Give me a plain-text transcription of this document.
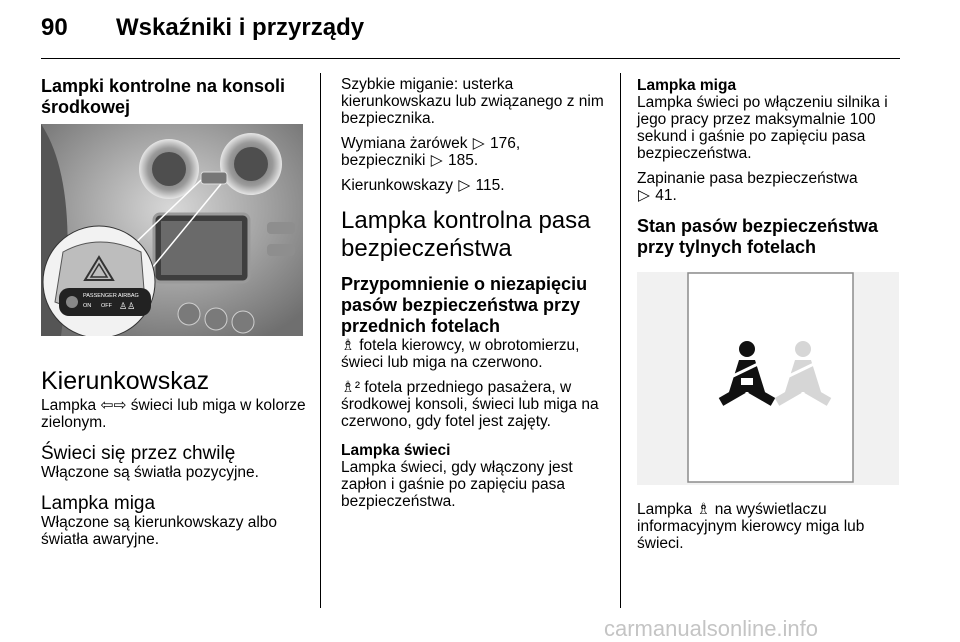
90 Wskaźniki i przyrządy
Lampki kontrolne na konsoli środkowej
PASSENGER AIRBAG
ON OFF ♙♙
Kierunkowskaz

Lampka ⇦⇨ świeci lub miga w kolorze zielonym.

Świeci się przez chwilę

Włączone są światła pozycyjne.

Lampka miga

Włączone są kierunkowskazy albo światła awaryjne.

Szybkie miganie: usterka kierunkowskazu lub związanego z nim bezpiecznika.

Wymiana żarówek ▷ 176,
bezpieczniki ▷ 185.

Kierunkowskazy ▷ 115.

Lampka kontrolna pasa bezpieczeństwa
Przypomnienie o niezapięciu pasów bezpieczeństwa przy przednich fotelach

♗ fotela kierowcy, w obrotomierzu, świeci lub miga na czerwono.

♗² fotela przedniego pasażera, w środkowej konsoli, świeci lub miga na czerwono, gdy fotel jest zajęty.

Lampka świeci

Lampka świeci, gdy włączony jest zapłon i gaśnie po zapięciu pasa bezpieczeństwa.

Lampka miga

Lampka świeci po włączeniu silnika i jego pracy przez maksymalnie 100 sekund i gaśnie po zapięciu pasa bezpieczeństwa.

Zapinanie pasa bezpieczeństwa
▷ 41.

Stan pasów bezpieczeństwa przy tylnych fotelach

Lampka ♗ na wyświetlaczu informacyjnym kierowcy miga lub świeci.

carmanualsonline.info
